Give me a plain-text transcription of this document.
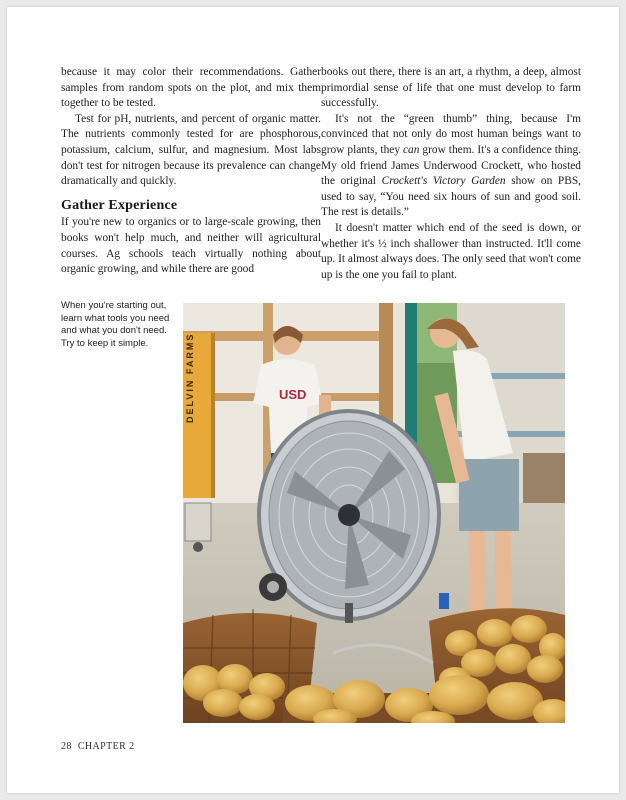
because it may color their recommendations. Gather samples from random spots on the plot, and mix them together to be tested.

Test for pH, nutrients, and percent of organic matter. The nutrients commonly tested for are phosphorous, potassium, calcium, sulfur, and magnesium. Most labs don't test for nitrogen because its prevalence can change dramatically and quickly.

Gather Experience

If you're new to organics or to large-scale growing, then books won't help much, and neither will agricultural courses. Ag schools teach virtually nothing about organic growing, and while there are good

books out there, there is an art, a rhythm, a deep, almost primordial sense of life that one must develop to farm successfully.

It's not the “green thumb” thing, because I'm convinced that not only do most human beings want to grow plants, they can grow them. It's a confidence thing. My old friend James Underwood Crockett, who hosted the original Crockett's Victory Garden show on PBS, used to say, “You need six hours of sun and good soil. The rest is details.”

It doesn't matter which end of the seed is down, or whether it's ½ inch shallower than instructed. It'll come up. It almost always does. The only seed that won't come up is the one you fail to plant.

When you're starting out, learn what tools you need and what you don't need. Try to keep it simple.	DELVIN FARMS	USD
28 CHAPTER 2
